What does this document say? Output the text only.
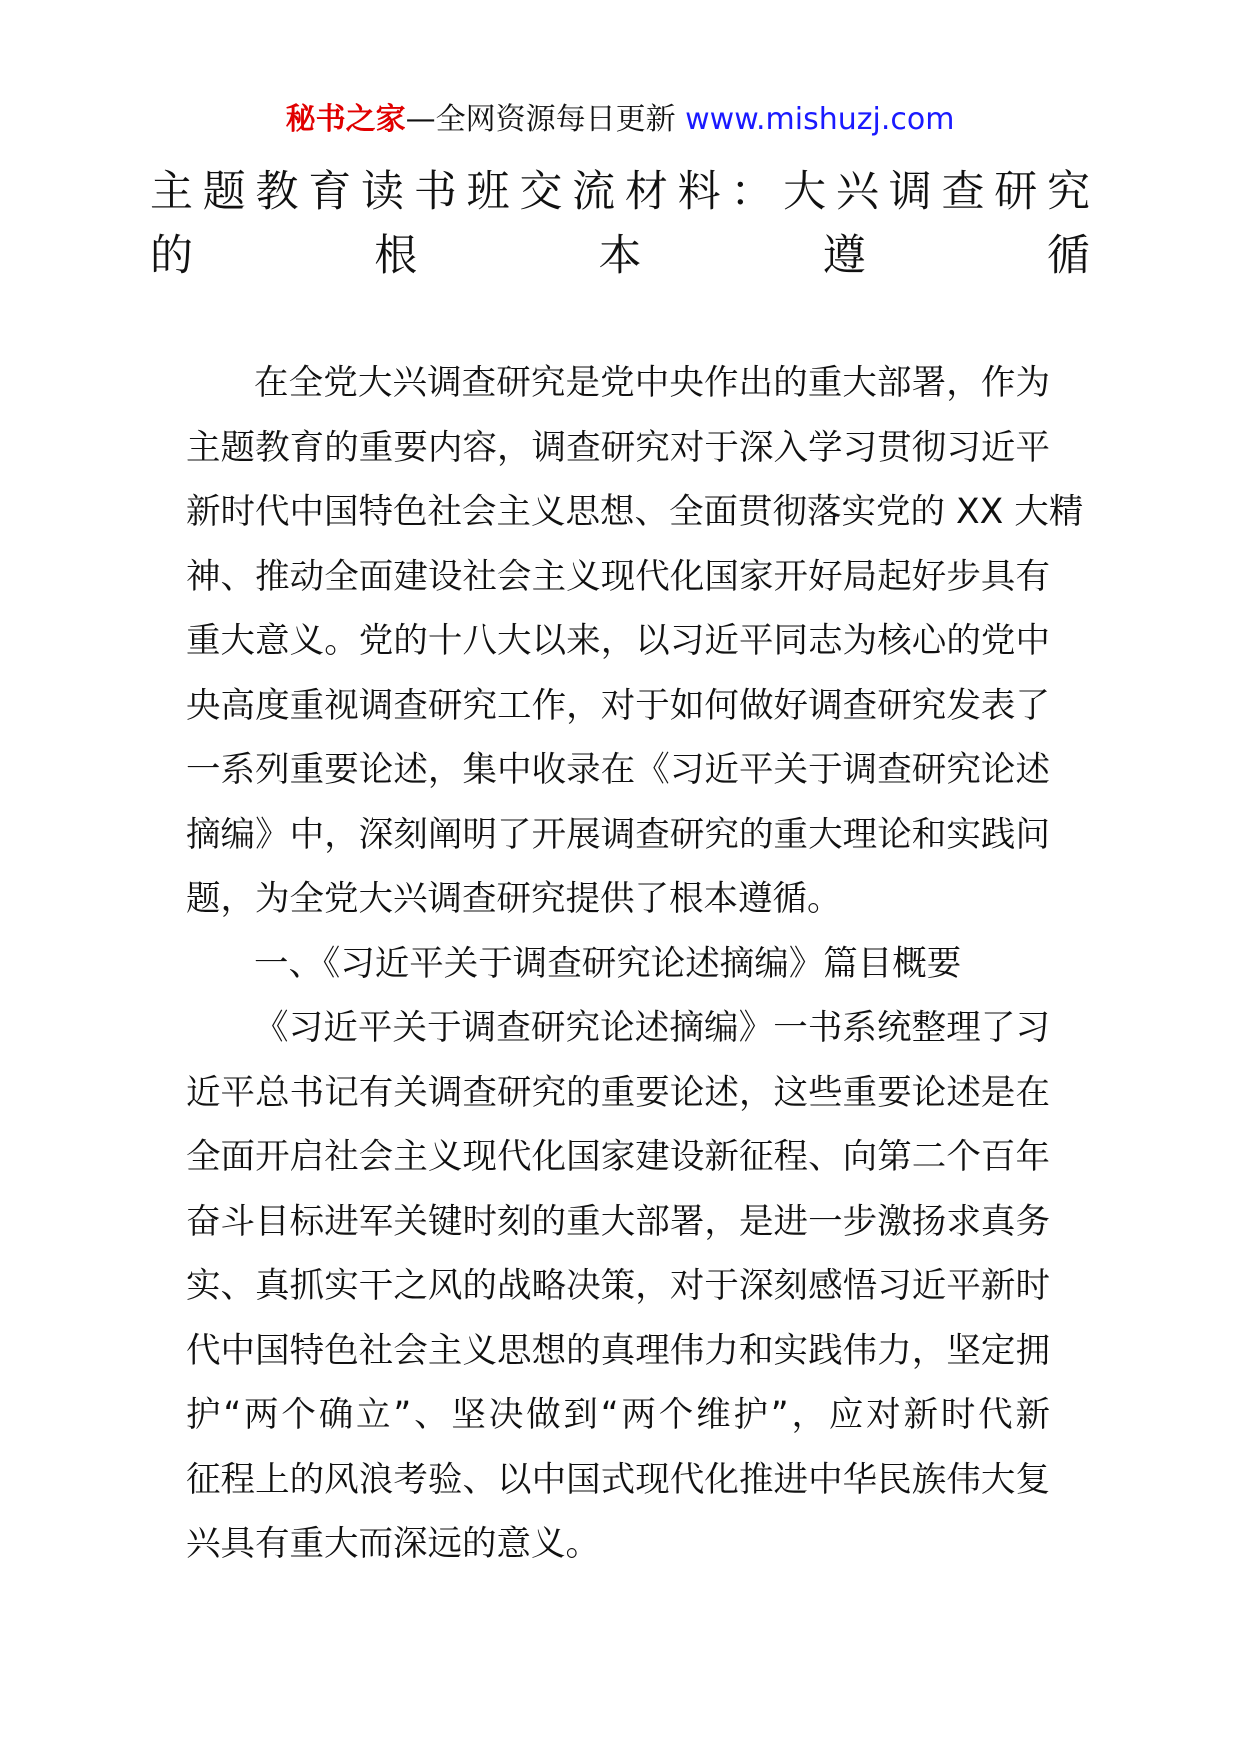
秘书之家—全网资源每日更新 www.mishuzj.com
主题教育读书班交流材料：大兴调查研究
的根本遵循
在全党大兴调查研究是党中央作出的重大部署，作为
主题教育的重要内容，调查研究对于深入学习贯彻习近平
新时代中国特色社会主义思想、全面贯彻落实党的 XX 大精
神、推动全面建设社会主义现代化国家开好局起好步具有
重大意义。党的十八大以来，以习近平同志为核心的党中
央高度重视调查研究工作，对于如何做好调查研究发表了
一系列重要论述，集中收录在《习近平关于调查研究论述
摘编》中，深刻阐明了开展调查研究的重大理论和实践问
题，为全党大兴调查研究提供了根本遵循。
一、《习近平关于调查研究论述摘编》篇目概要
《习近平关于调查研究论述摘编》一书系统整理了习
近平总书记有关调查研究的重要论述，这些重要论述是在
全面开启社会主义现代化国家建设新征程、向第二个百年
奋斗目标进军关键时刻的重大部署，是进一步激扬求真务
实、真抓实干之风的战略决策，对于深刻感悟习近平新时
代中国特色社会主义思想的真理伟力和实践伟力，坚定拥
护“两个确立”、坚决做到“两个维护”，应对新时代新
征程上的风浪考验、以中国式现代化推进中华民族伟大复
兴具有重大而深远的意义。
